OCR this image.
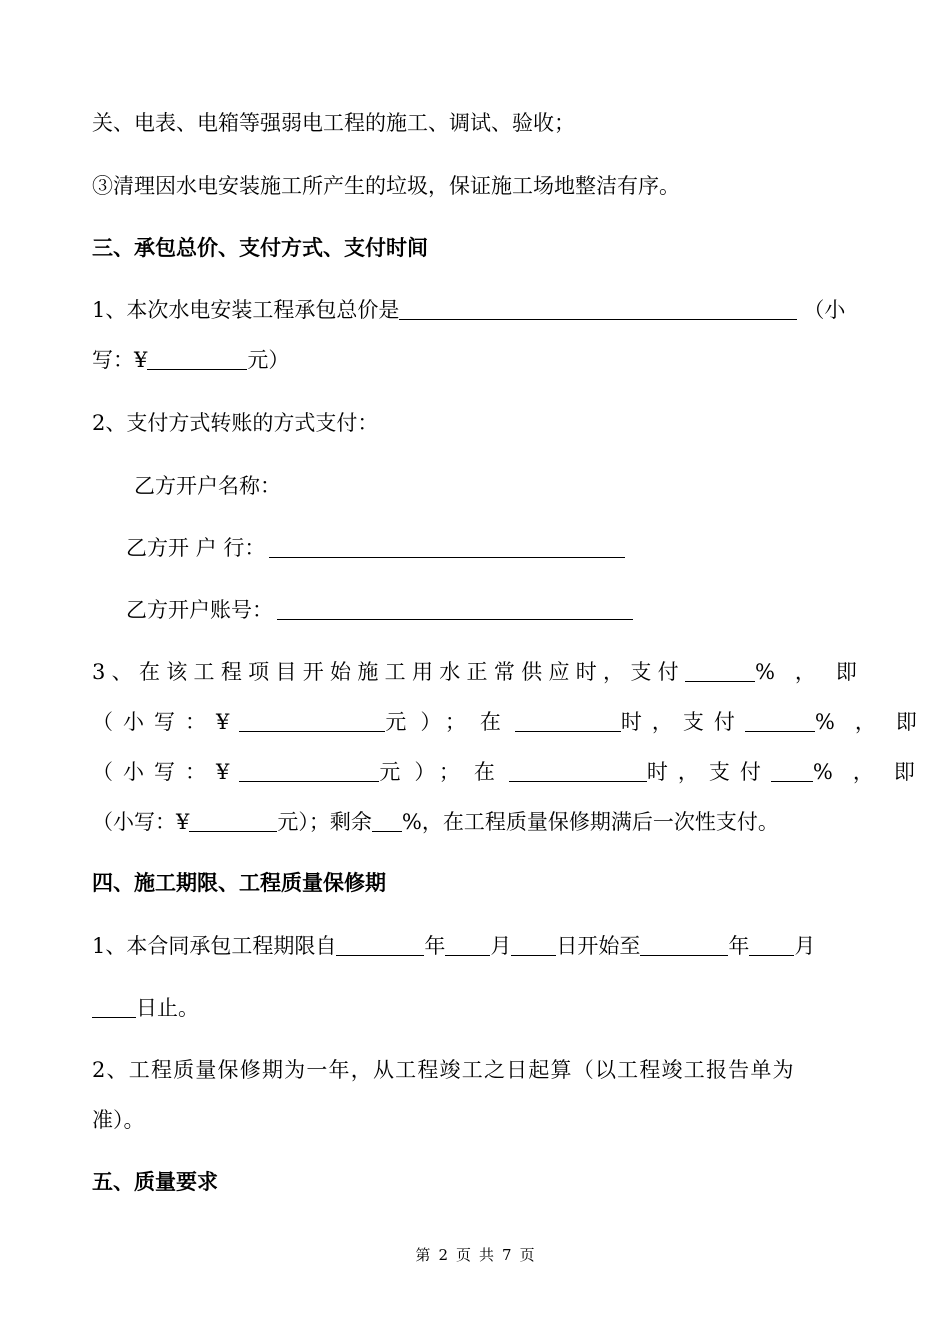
关、电表、电箱等强弱电工程的施工、调试、验收；
③清理因水电安装施工所产生的垃圾，保证施工场地整洁有序。
三、承包总价、支付方式、支付时间
1、本次水电安装工程承包总价是	（小
写：¥	元）
2、支付方式转账的方式支付：
乙方开户名称：
乙方开 户 行：
乙方开户账号：
3、在该工程项目开始施工用水正常供应时，支付	%，即
（小写：¥	元）；在	时，支付	%，即
（小写：¥	元）；在	时，支付	%，即
（小写：¥	元）；剩余 %，在工程质量保修期满后一次性支付。
四、施工期限、工程质量保修期
1、本合同承包工程期限自	年 月 日开始至	年 月
日止。
2、工程质量保修期为一年，从工程竣工之日起算（以工程竣工报告单为
准）。
五、质量要求
第 2 页 共 7 页
